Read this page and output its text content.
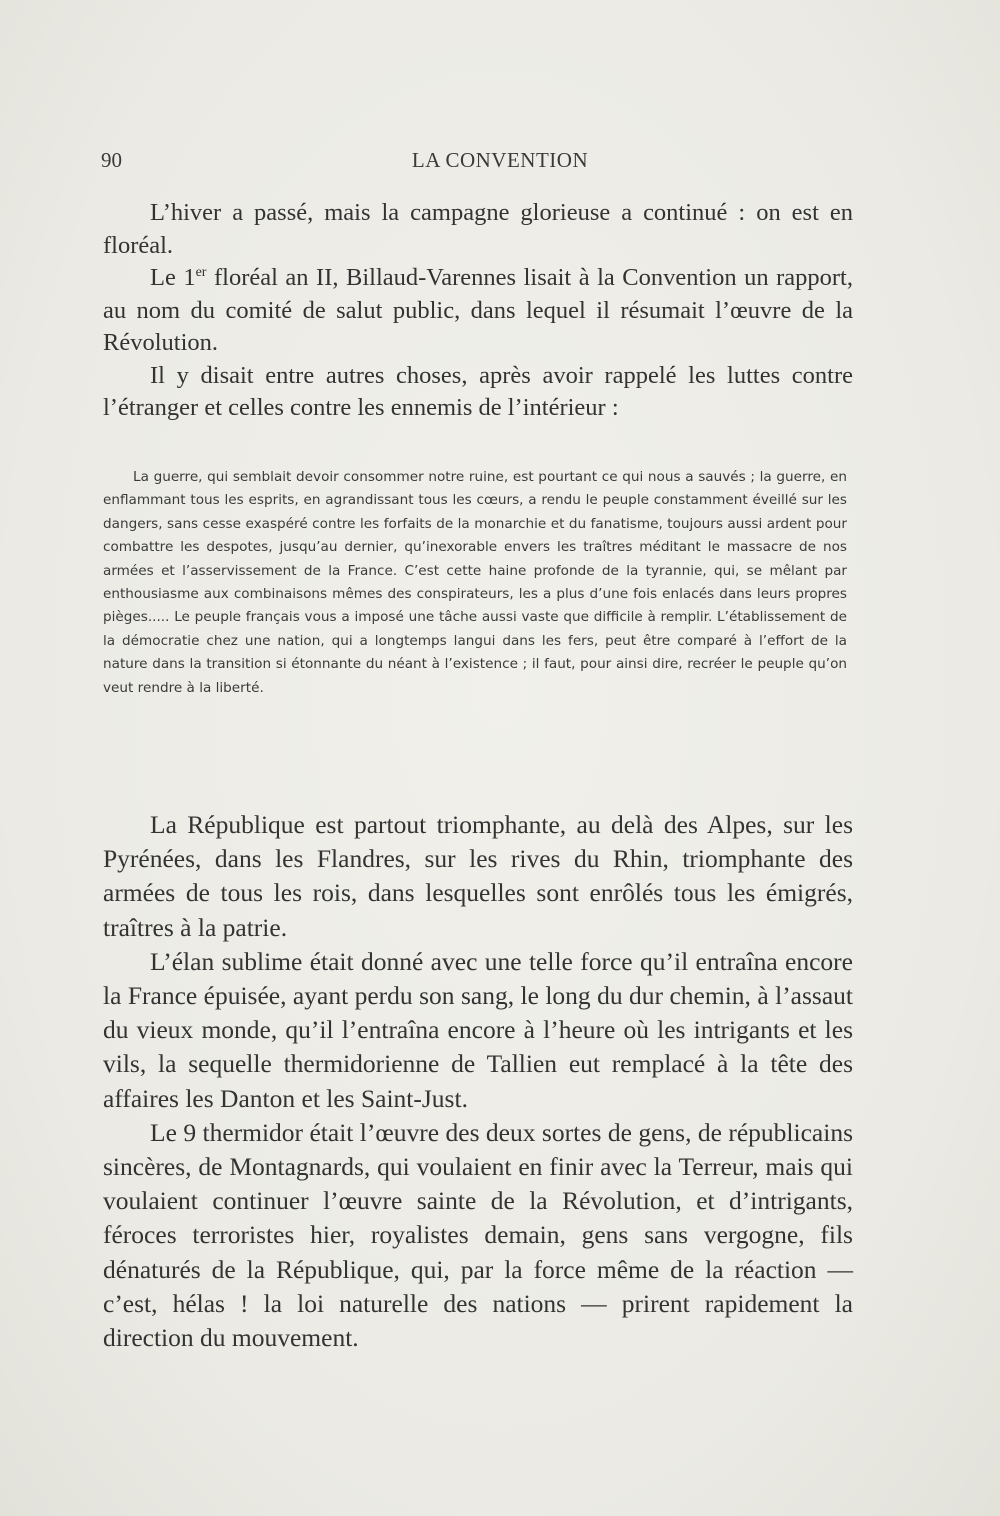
90	LA CONVENTION

L’hiver a passé, mais la campagne glorieuse a continué : on est en floréal.

Le 1er floréal an II, Billaud-Varennes lisait à la Convention un rapport, au nom du comité de salut public, dans lequel il résumait l’œuvre de la Révolution.

Il y disait entre autres choses, après avoir rappelé les luttes contre l’étranger et celles contre les ennemis de l’intérieur :

La guerre, qui semblait devoir consommer notre ruine, est pourtant ce qui nous a sauvés ; la guerre, en enflammant tous les esprits, en agrandissant tous les cœurs, a rendu le peuple constamment éveillé sur les dangers, sans cesse exaspéré contre les forfaits de la monarchie et du fanatisme, toujours aussi ardent pour combattre les despotes, jusqu’au dernier, qu’inexorable envers les traîtres méditant le massacre de nos armées et l’asservissement de la France. C’est cette haine profonde de la tyrannie, qui, se mêlant par enthousiasme aux combinaisons mêmes des conspirateurs, les a plus d’une fois enlacés dans leurs propres pièges..... Le peuple français vous a imposé une tâche aussi vaste que difficile à remplir. L’établissement de la démocratie chez une nation, qui a longtemps langui dans les fers, peut être comparé à l’effort de la nature dans la transition si étonnante du néant à l’existence ; il faut, pour ainsi dire, recréer le peuple qu’on veut rendre à la liberté.

La République est partout triomphante, au delà des Alpes, sur les Pyrénées, dans les Flandres, sur les rives du Rhin, triomphante des armées de tous les rois, dans lesquelles sont enrôlés tous les émigrés, traîtres à la patrie.

L’élan sublime était donné avec une telle force qu’il entraîna encore la France épuisée, ayant perdu son sang, le long du dur chemin, à l’assaut du vieux monde, qu’il l’entraîna encore à l’heure où les intrigants et les vils, la sequelle thermidorienne de Tallien eut remplacé à la tête des affaires les Danton et les Saint-Just.

Le 9 thermidor était l’œuvre des deux sortes de gens, de républicains sincères, de Montagnards, qui voulaient en finir avec la Terreur, mais qui voulaient continuer l’œuvre sainte de la Révolution, et d’intrigants, féroces terroristes hier, royalistes demain, gens sans vergogne, fils dénaturés de la République, qui, par la force même de la réaction — c’est, hélas ! la loi naturelle des nations — prirent rapidement la direction du mouvement.
